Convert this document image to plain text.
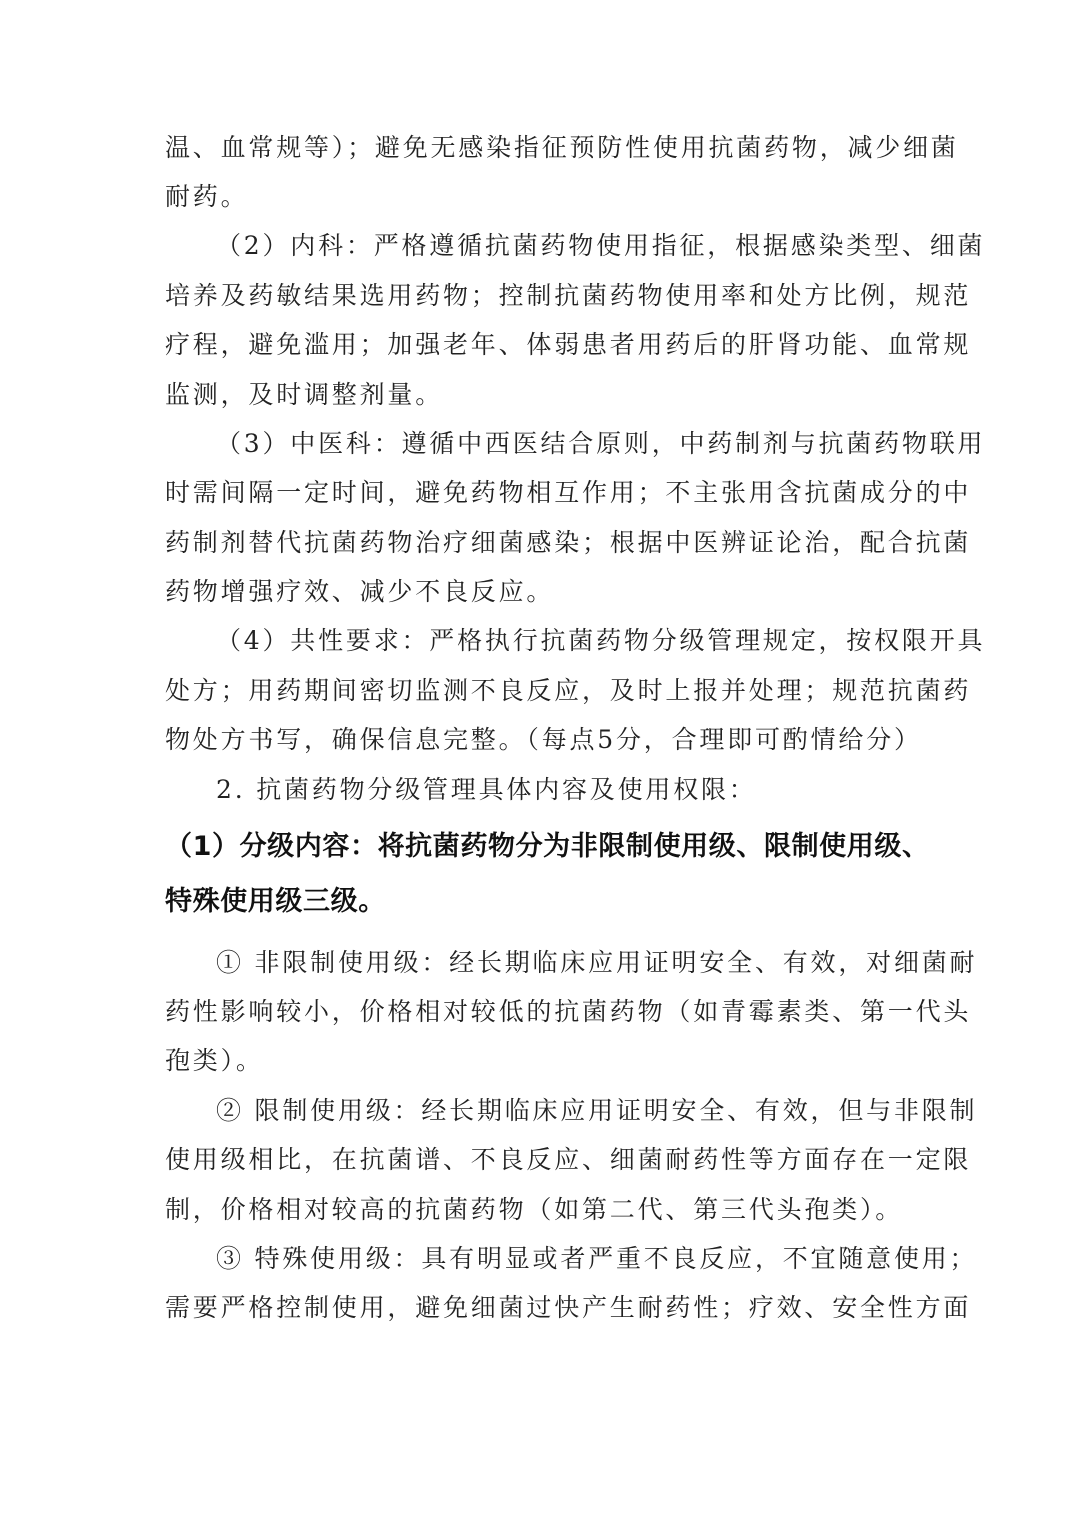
温、血常规等）；避免无感染指征预防性使用抗菌药物，减少细菌
耐药。
（2）内科：严格遵循抗菌药物使用指征，根据感染类型、细菌
培养及药敏结果选用药物；控制抗菌药物使用率和处方比例，规范
疗程，避免滥用；加强老年、体弱患者用药后的肝肾功能、血常规
监测，及时调整剂量。
（3）中医科：遵循中西医结合原则，中药制剂与抗菌药物联用
时需间隔一定时间，避免药物相互作用；不主张用含抗菌成分的中
药制剂替代抗菌药物治疗细菌感染；根据中医辨证论治，配合抗菌
药物增强疗效、减少不良反应。
（4）共性要求：严格执行抗菌药物分级管理规定，按权限开具
处方；用药期间密切监测不良反应，及时上报并处理；规范抗菌药
物处方书写，确保信息完整。（每点5分，合理即可酌情给分）
2. 抗菌药物分级管理具体内容及使用权限：
（1）分级内容：将抗菌药物分为非限制使用级、限制使用级、
特殊使用级三级。
① 非限制使用级：经长期临床应用证明安全、有效，对细菌耐
药性影响较小，价格相对较低的抗菌药物（如青霉素类、第一代头
孢类）。
② 限制使用级：经长期临床应用证明安全、有效，但与非限制
使用级相比，在抗菌谱、不良反应、细菌耐药性等方面存在一定限
制，价格相对较高的抗菌药物（如第二代、第三代头孢类）。
③ 特殊使用级：具有明显或者严重不良反应，不宜随意使用；
需要严格控制使用，避免细菌过快产生耐药性；疗效、安全性方面
